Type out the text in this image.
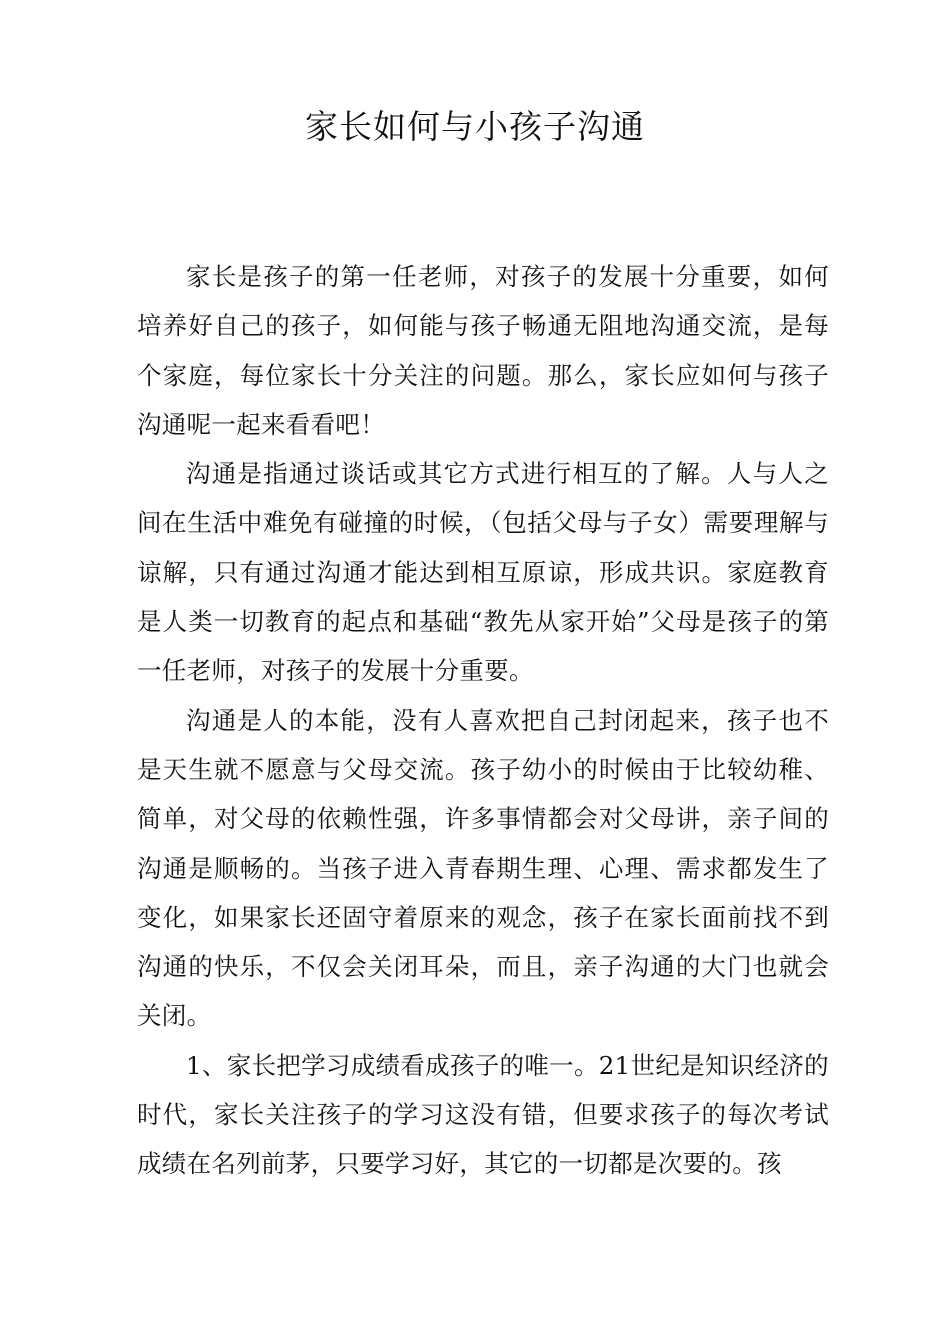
家长如何与小孩子沟通

家长是孩子的第一任老师，对孩子的发展十分重要，如何培养好自己的孩子，如何能与孩子畅通无阻地沟通交流，是每个家庭，每位家长十分关注的问题。那么，家长应如何与孩子沟通呢一起来看看吧！

沟通是指通过谈话或其它方式进行相互的了解。人与人之间在生活中难免有碰撞的时候，（包括父母与子女）需要理解与谅解，只有通过沟通才能达到相互原谅，形成共识。家庭教育是人类一切教育的起点和基础“教先从家开始”父母是孩子的第一任老师，对孩子的发展十分重要。

沟通是人的本能，没有人喜欢把自己封闭起来，孩子也不是天生就不愿意与父母交流。孩子幼小的时候由于比较幼稚、简单，对父母的依赖性强，许多事情都会对父母讲，亲子间的沟通是顺畅的。当孩子进入青春期生理、心理、需求都发生了变化，如果家长还固守着原来的观念，孩子在家长面前找不到沟通的快乐，不仅会关闭耳朵，而且，亲子沟通的大门也就会关闭。

1、家长把学习成绩看成孩子的唯一。21世纪是知识经济的时代，家长关注孩子的学习这没有错，但要求孩子的每次考试成绩在名列前茅，只要学习好，其它的一切都是次要的。孩
